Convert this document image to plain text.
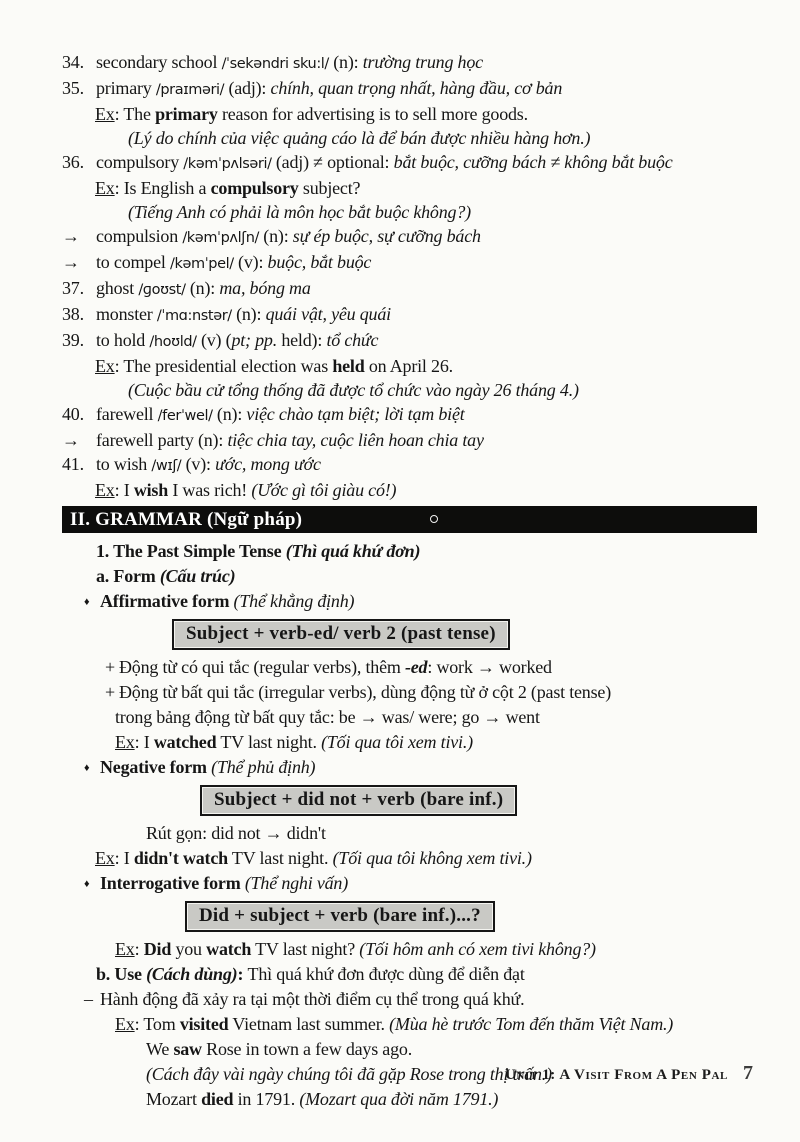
34. secondary school /ˈsekəndri sku:l/ (n): trường trung học
35. primary /praɪməri/ (adj): chính, quan trọng nhất, hàng đầu, cơ bản
Ex: The primary reason for advertising is to sell more goods.
(Lý do chính của việc quảng cáo là để bán được nhiều hàng hơn.)
36. compulsory /kəmˈpʌlsəri/ (adj) ≠ optional: bắt buộc, cưỡng bách ≠ không bắt buộc
Ex: Is English a compulsory subject?
(Tiếng Anh có phải là môn học bắt buộc không?)
→ compulsion /kəmˈpʌlʃn/ (n): sự ép buộc, sự cưỡng bách
→ to compel /kəmˈpel/ (v): buộc, bắt buộc
37. ghost /ɡoʊst/ (n): ma, bóng ma
38. monster /ˈmɑ:nstər/ (n): quái vật, yêu quái
39. to hold /hoʊld/ (v) (pt; pp. held): tổ chức
Ex: The presidential election was held on April 26.
(Cuộc bầu cử tổng thống đã được tổ chức vào ngày 26 tháng 4.)
40. farewell /ferˈwel/ (n): việc chào tạm biệt; lời tạm biệt
→ farewell party (n): tiệc chia tay, cuộc liên hoan chia tay
41. to wish /wɪʃ/ (v): ước, mong ước
Ex: I wish I was rich! (Ước gì tôi giàu có!)
II. GRAMMAR (Ngữ pháp)
1. The Past Simple Tense (Thì quá khứ đơn)
a. Form (Cấu trúc)
♦ Affirmative form (Thể khẳng định)
Subject + verb-ed/ verb 2 (past tense)
+ Động từ có qui tắc (regular verbs), thêm -ed: work → worked
+ Động từ bất qui tắc (irregular verbs), dùng động từ ở cột 2 (past tense)
trong bảng động từ bất quy tắc: be → was/ were; go → went
Ex: I watched TV last night. (Tối qua tôi xem tivi.)
♦ Negative form (Thể phủ định)
Subject + did not + verb (bare inf.)
Rút gọn: did not → didn't
Ex: I didn't watch TV last night. (Tối qua tôi không xem tivi.)
♦ Interrogative form (Thể nghi vấn)
Did + subject + verb (bare inf.)...?
Ex: Did you watch TV last night? (Tối hôm anh có xem tivi không?)
b. Use (Cách dùng): Thì quá khứ đơn được dùng để diễn đạt
– Hành động đã xảy ra tại một thời điểm cụ thể trong quá khứ.
Ex: Tom visited Vietnam last summer. (Mùa hè trước Tom đến thăm Việt Nam.)
We saw Rose in town a few days ago.
(Cách đây vài ngày chúng tôi đã gặp Rose trong thị trấn.)
Mozart died in 1791. (Mozart qua đời năm 1791.)
Unit 1: A Visit From A Pen Pal 7
